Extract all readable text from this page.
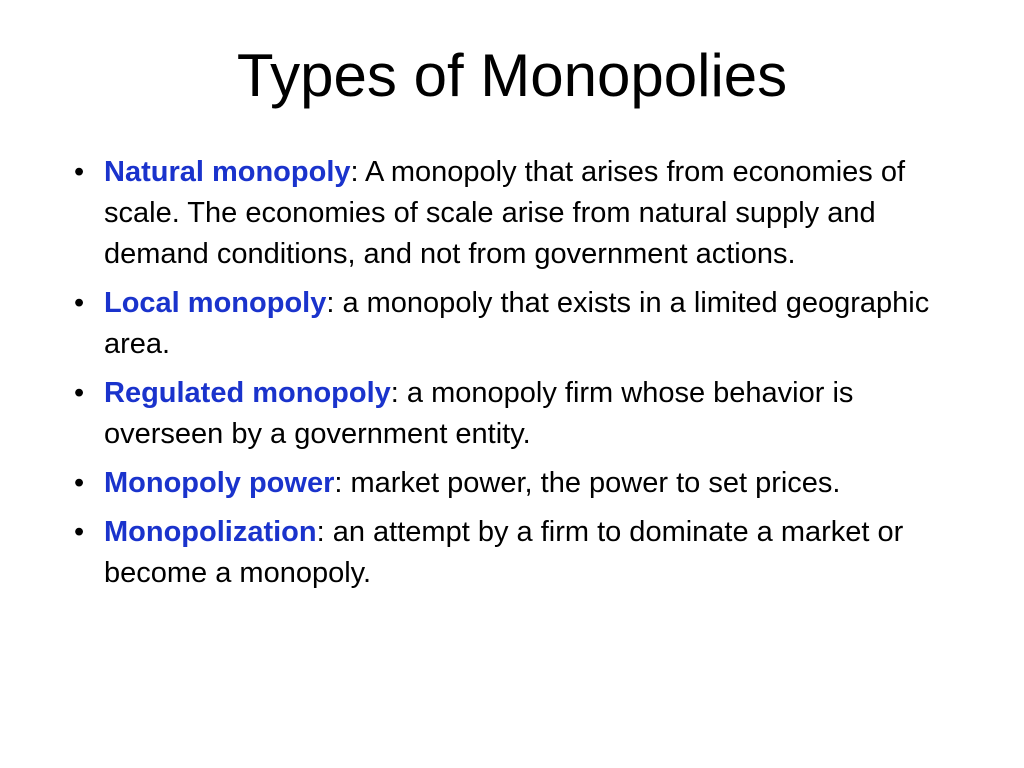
Types of Monopolies
• Natural monopoly: A monopoly that arises from economies of scale. The economies of scale arise from natural supply and demand conditions, and not from government actions.
• Local monopoly: a monopoly that exists in a limited geographic area.
• Regulated monopoly: a monopoly firm whose behavior is overseen by a government entity.
• Monopoly power: market power, the power to set prices.
• Monopolization: an attempt by a firm to dominate a market or become a monopoly.
